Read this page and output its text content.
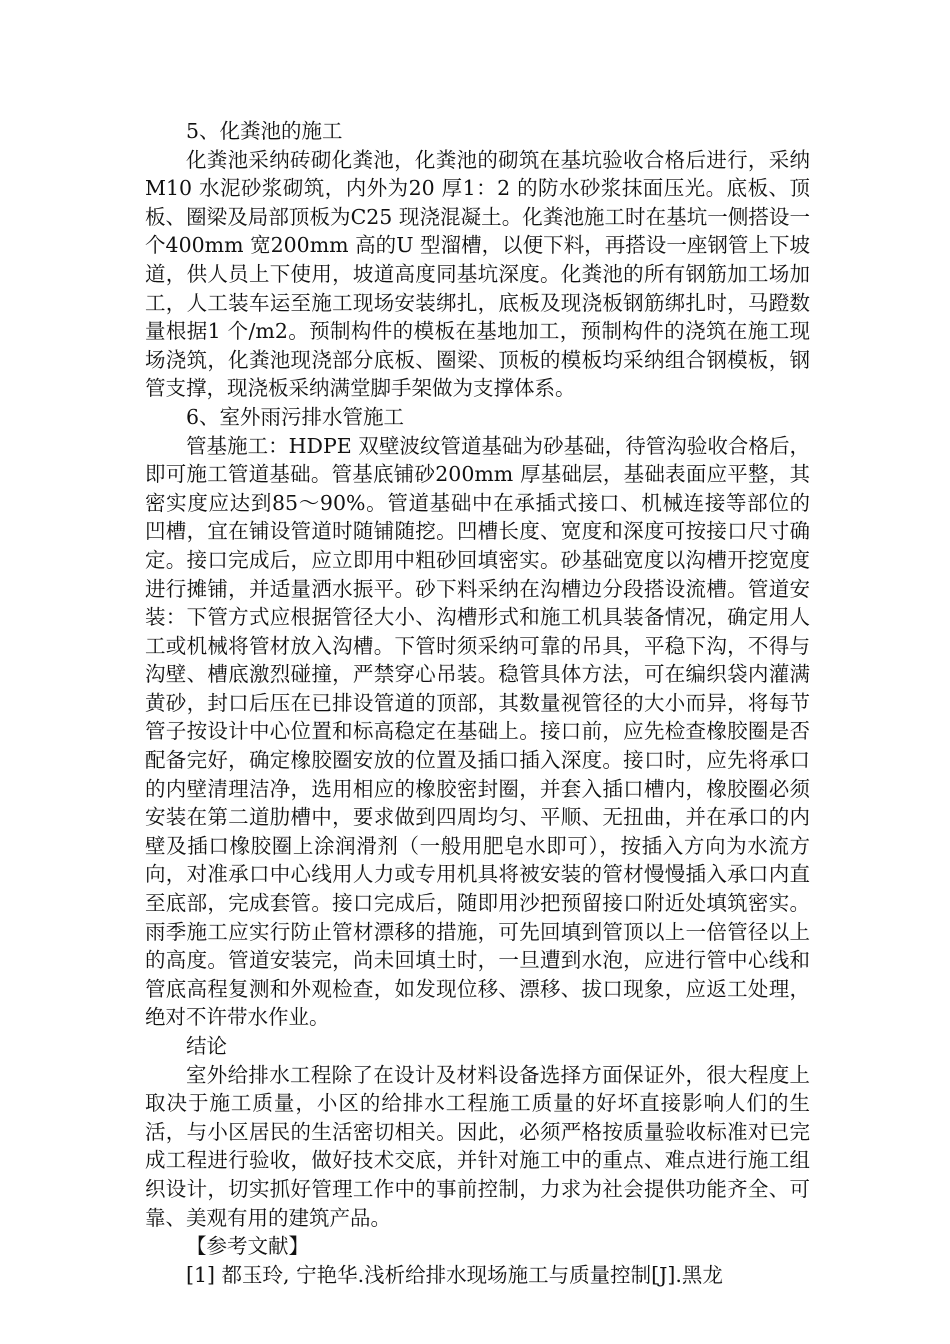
5、化粪池的施工

化粪池采纳砖砌化粪池，化粪池的砌筑在基坑验收合格后进行，采纳M10 水泥砂浆砌筑，内外为20 厚1：2 的防水砂浆抹面压光。底板、顶板、圈梁及局部顶板为C25 现浇混凝土。化粪池施工时在基坑一侧搭设一个400mm 宽200mm 高的U 型溜槽，以便下料，再搭设一座钢管上下坡道，供人员上下使用，坡道高度同基坑深度。化粪池的所有钢筋加工场加工，人工装车运至施工现场安装绑扎，底板及现浇板钢筋绑扎时，马蹬数量根据1 个/m2。预制构件的模板在基地加工，预制构件的浇筑在施工现场浇筑，化粪池现浇部分底板、圈梁、顶板的模板均采纳组合钢模板，钢管支撑，现浇板采纳满堂脚手架做为支撑体系。

6、室外雨污排水管施工

管基施工：HDPE 双壁波纹管道基础为砂基础，待管沟验收合格后，即可施工管道基础。管基底铺砂200mm 厚基础层，基础表面应平整，其密实度应达到85～90%。管道基础中在承插式接口、机械连接等部位的凹槽，宜在铺设管道时随铺随挖。凹槽长度、宽度和深度可按接口尺寸确定。接口完成后，应立即用中粗砂回填密实。砂基础宽度以沟槽开挖宽度进行摊铺，并适量洒水振平。砂下料采纳在沟槽边分段搭设流槽。管道安装：下管方式应根据管径大小、沟槽形式和施工机具装备情况，确定用人工或机械将管材放入沟槽。下管时须采纳可靠的吊具，平稳下沟，不得与沟壁、槽底激烈碰撞，严禁穿心吊装。稳管具体方法，可在编织袋内灌满黄砂，封口后压在已排设管道的顶部，其数量视管径的大小而异，将每节管子按设计中心位置和标高稳定在基础上。接口前，应先检查橡胶圈是否配备完好，确定橡胶圈安放的位置及插口插入深度。接口时，应先将承口的内壁清理洁净，选用相应的橡胶密封圈，并套入插口槽内，橡胶圈必须安装在第二道肋槽中，要求做到四周均匀、平顺、无扭曲，并在承口的内壁及插口橡胶圈上涂润滑剂（一般用肥皂水即可），按插入方向为水流方向，对准承口中心线用人力或专用机具将被安装的管材慢慢插入承口内直至底部，完成套管。接口完成后，随即用沙把预留接口附近处填筑密实。雨季施工应实行防止管材漂移的措施，可先回填到管顶以上一倍管径以上的高度。管道安装完，尚未回填土时，一旦遭到水泡，应进行管中心线和管底高程复测和外观检查，如发现位移、漂移、拔口现象，应返工处理，绝对不许带水作业。

结论

室外给排水工程除了在设计及材料设备选择方面保证外，很大程度上取决于施工质量，小区的给排水工程施工质量的好坏直接影响人们的生活，与小区居民的生活密切相关。因此，必须严格按质量验收标准对已完成工程进行验收，做好技术交底，并针对施工中的重点、难点进行施工组织设计，切实抓好管理工作中的事前控制，力求为社会提供功能齐全、可靠、美观有用的建筑产品。

【参考文献】

[1] 都玉玲, 宁艳华.浅析给排水现场施工与质量控制[J].黑龙
